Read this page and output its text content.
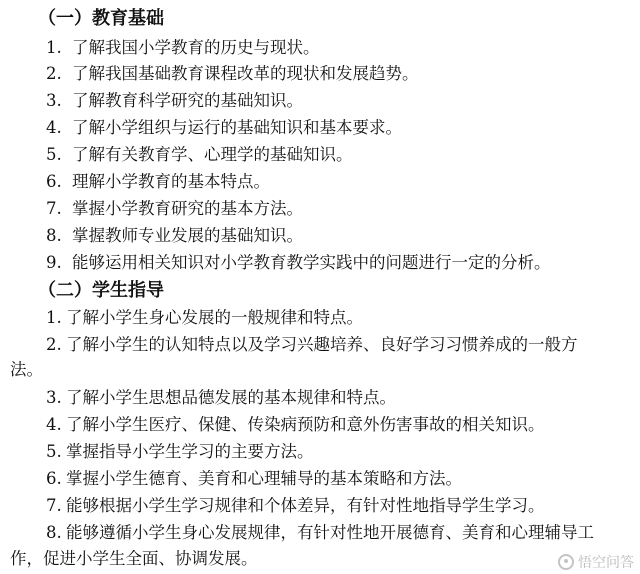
（一）教育基础
1. 了解我国小学教育的历史与现状。
2. 了解我国基础教育课程改革的现状和发展趋势。
3. 了解教育科学研究的基础知识。
4. 了解小学组织与运行的基础知识和基本要求。
5. 了解有关教育学、心理学的基础知识。
6. 理解小学教育的基本特点。
7. 掌握小学教育研究的基本方法。
8. 掌握教师专业发展的基础知识。
9. 能够运用相关知识对小学教育教学实践中的问题进行一定的分析。
（二）学生指导
1. 了解小学生身心发展的一般规律和特点。
2. 了解小学生的认知特点以及学习兴趣培养、良好学习习惯养成的一般方
法。
3. 了解小学生思想品德发展的基本规律和特点。
4. 了解小学生医疗、保健、传染病预防和意外伤害事故的相关知识。
5. 掌握指导小学生学习的主要方法。
6. 掌握小学生德育、美育和心理辅导的基本策略和方法。
7. 能够根据小学生学习规律和个体差异，有针对性地指导学生学习。
8. 能够遵循小学生身心发展规律，有针对性地开展德育、美育和心理辅导工
作，促进小学生全面、协调发展。	悟空问答
